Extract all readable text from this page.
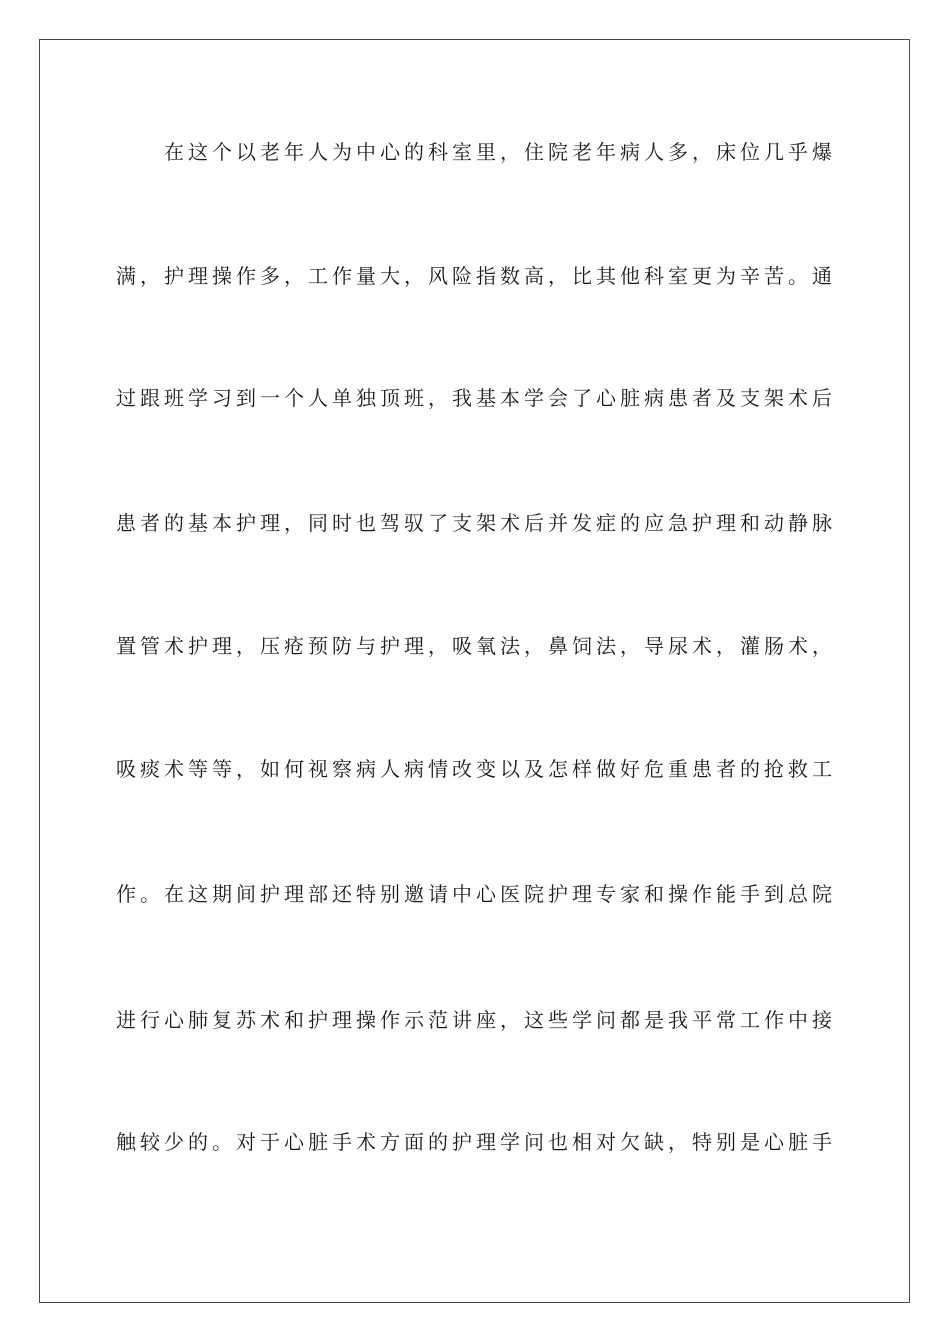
在这个以老年人为中心的科室里，住院老年病人多，床位几乎爆
满，护理操作多，工作量大，风险指数高，比其他科室更为辛苦。通
过跟班学习到一个人单独顶班，我基本学会了心脏病患者及支架术后
患者的基本护理，同时也驾驭了支架术后并发症的应急护理和动静脉
置管术护理，压疮预防与护理，吸氧法，鼻饲法，导尿术，灌肠术，
吸痰术等等，如何视察病人病情改变以及怎样做好危重患者的抢救工
作。在这期间护理部还特别邀请中心医院护理专家和操作能手到总院
进行心肺复苏术和护理操作示范讲座，这些学问都是我平常工作中接
触较少的。对于心脏手术方面的护理学问也相对欠缺，特别是心脏手
